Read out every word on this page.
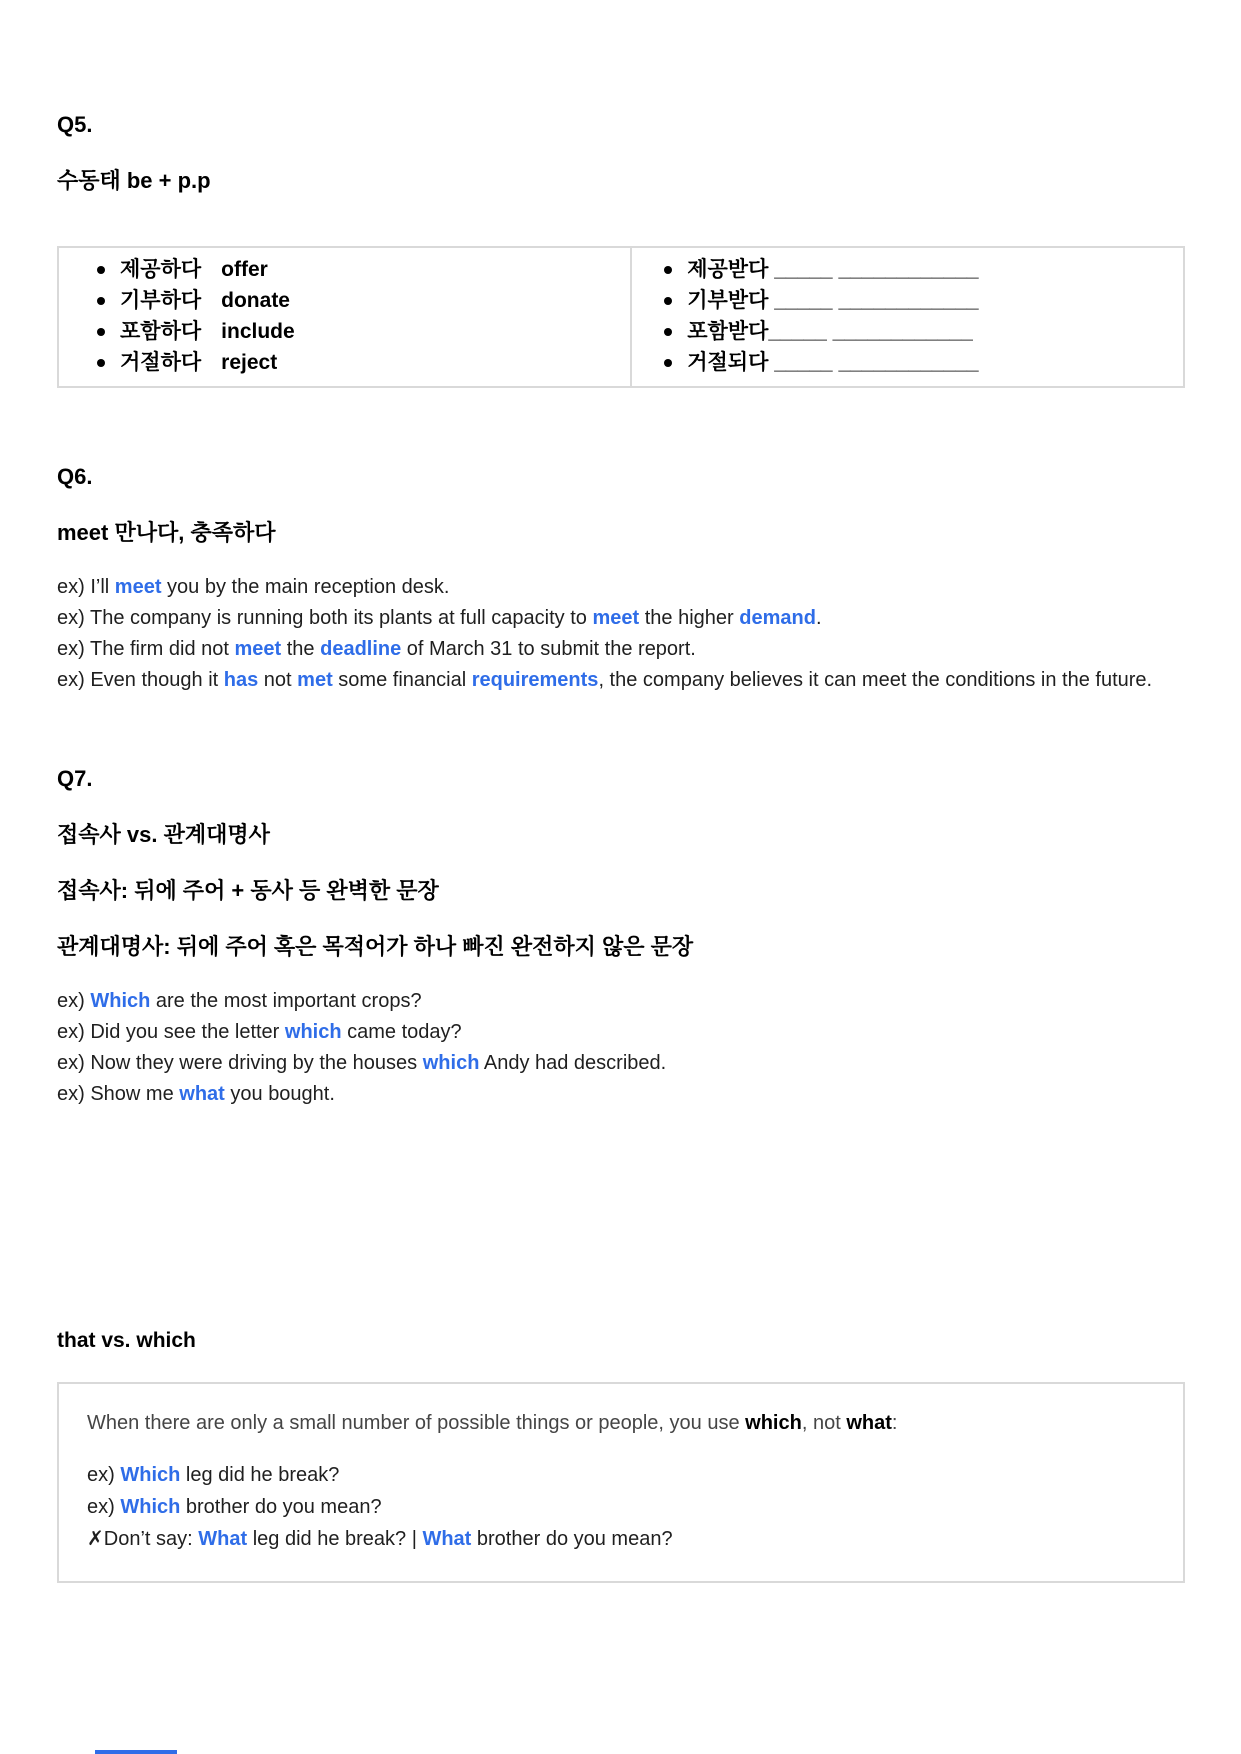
Q5.
수동태 be + p.p
제공하다 offer
기부하다 donate
포함하다 include
거절하다 reject
제공받다 _____ ____________
기부받다 _____ ____________
포함받다_____ ____________
거절되다 _____ ____________
Q6.
meet 만나다, 충족하다
ex) I’ll meet you by the main reception desk.
ex) The company is running both its plants at full capacity to meet the higher demand.
ex) The firm did not meet the deadline of March 31 to submit the report.
ex) Even though it has not met some financial requirements, the company believes it can meet the conditions in the future.
Q7.
접속사 vs. 관계대명사
접속사: 뒤에 주어 + 동사 등 완벽한 문장
관계대명사: 뒤에 주어 혹은 목적어가 하나 빠진 완전하지 않은 문장
ex) Which are the most important crops?
ex) Did you see the letter which came today?
ex) Now they were driving by the houses which Andy had described.
ex) Show me what you bought.
that vs. which
When there are only a small number of possible things or people, you use which, not what:
ex) Which leg did he break?
ex) Which brother do you mean?
✗Don’t say: What leg did he break? | What brother do you mean?
